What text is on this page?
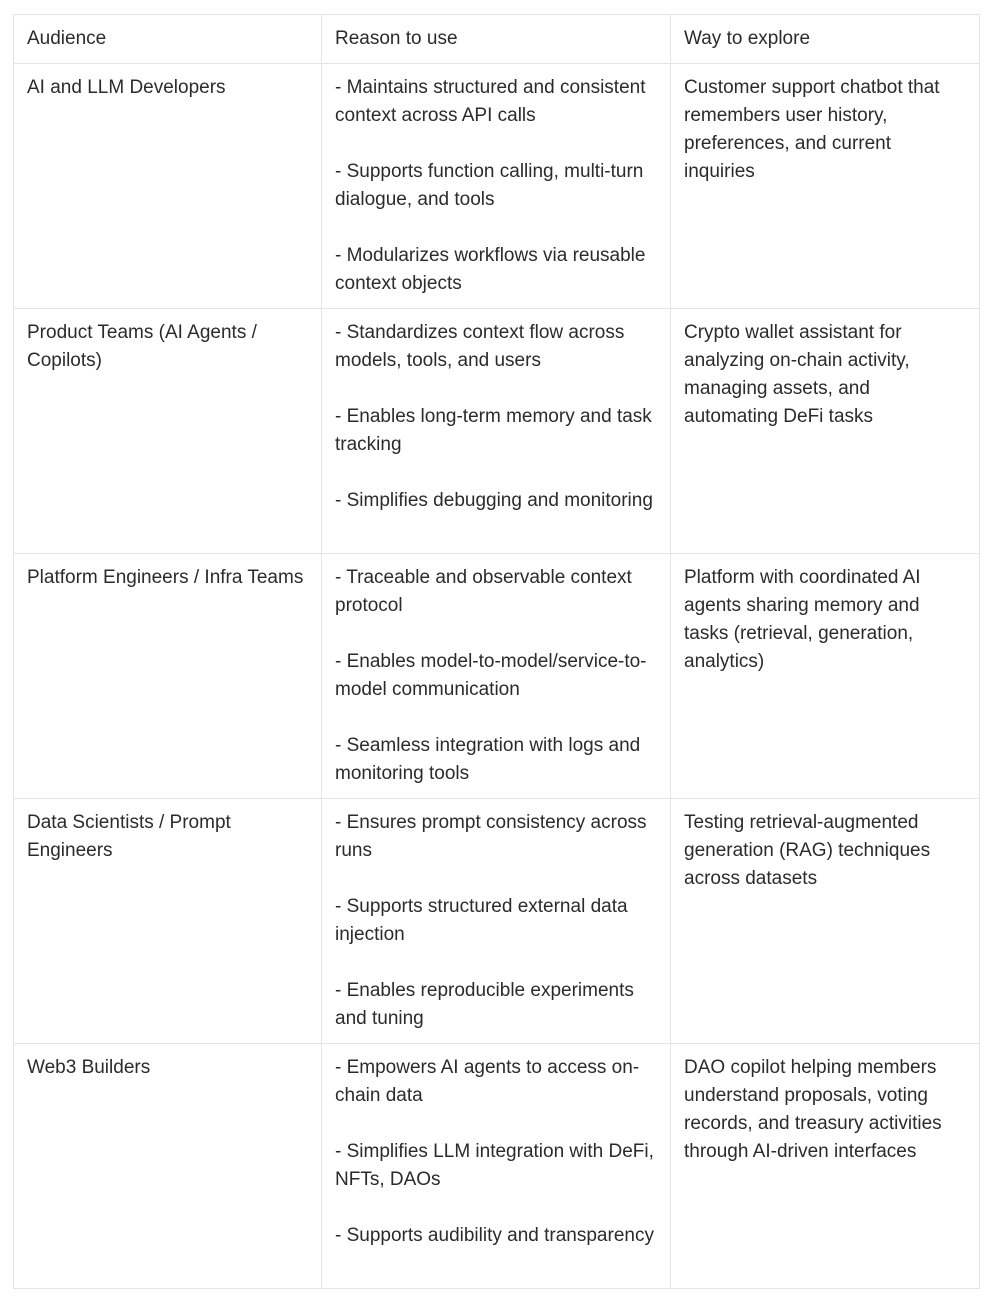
Audience	Reason to use	Way to explore
AI and LLM Developers	- Maintains structured and consistent context across API calls
- Supports function calling, multi-turn dialogue, and tools
- Modularizes workflows via reusable context objects	Customer support chatbot that remembers user history, preferences, and current inquiries
Product Teams (AI Agents / Copilots)	- Standardizes context flow across models, tools, and users
- Enables long-term memory and task tracking
- Simplifies debugging and monitoring	Crypto wallet assistant for analyzing on-chain activity, managing assets, and automating DeFi tasks
Platform Engineers / Infra Teams	- Traceable and observable context protocol
- Enables model-to-model/service-to-model communication
- Seamless integration with logs and monitoring tools	Platform with coordinated AI agents sharing memory and tasks (retrieval, generation, analytics)
Data Scientists / Prompt Engineers	- Ensures prompt consistency across runs
- Supports structured external data injection
- Enables reproducible experiments and tuning	Testing retrieval-augmented generation (RAG) techniques across datasets
Web3 Builders	- Empowers AI agents to access on-chain data
- Simplifies LLM integration with DeFi, NFTs, DAOs
- Supports audibility and transparency	DAO copilot helping members understand proposals, voting records, and treasury activities through AI-driven interfaces
